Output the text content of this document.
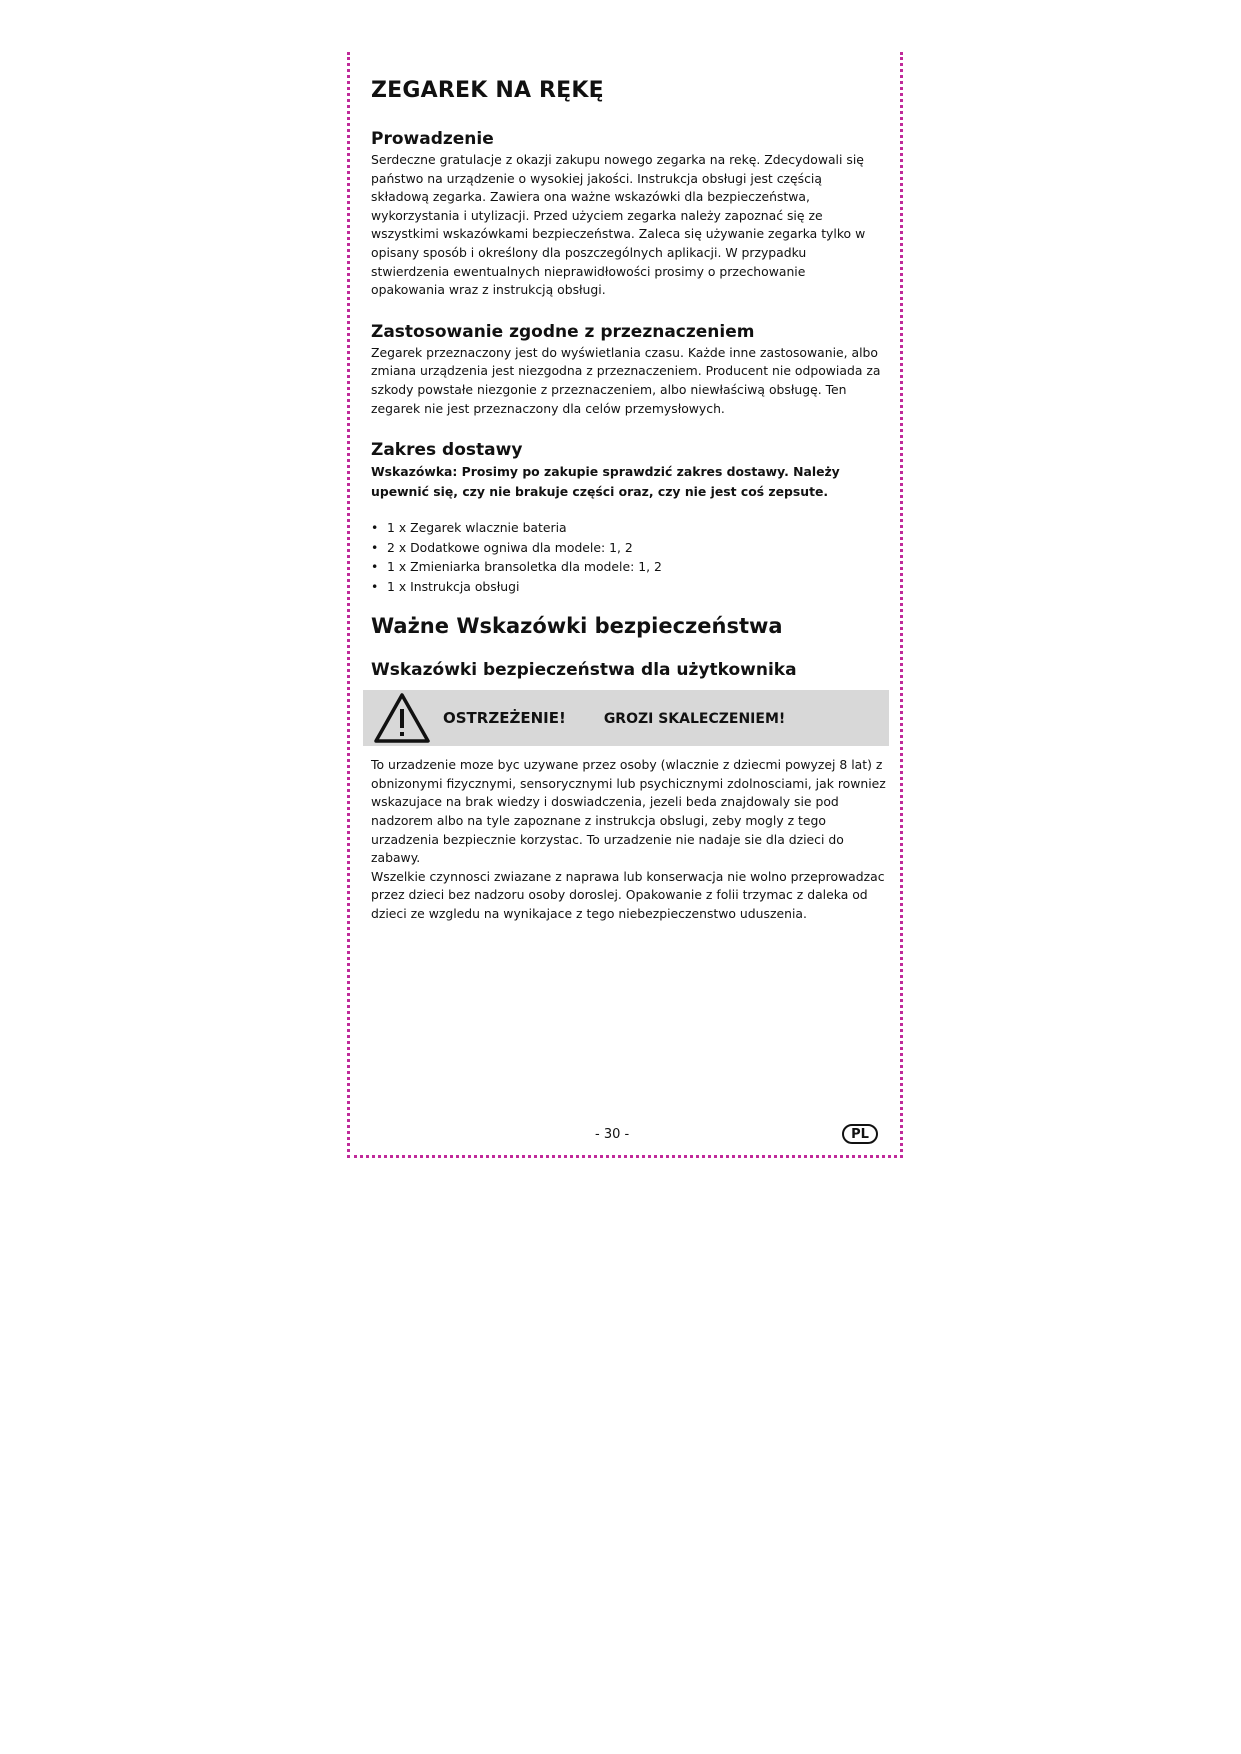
ZEGAREK NA RĘKĘ
Prowadzenie

Serdeczne gratulacje z okazji zakupu nowego zegarka na rekę. Zdecydowali się państwo na urządzenie o wysokiej jakości. Instrukcja obsługi jest częścią składową zegarka. Zawiera ona ważne wskazówki dla bezpieczeństwa, wykorzystania i utylizacji. Przed użyciem zegarka należy zapoznać się ze wszystkimi wskazówkami bezpieczeństwa. Zaleca się używanie zegarka tylko w opisany sposób i określony dla poszczególnych aplikacji. W przypadku stwierdzenia ewentualnych nieprawidłowości prosimy o przechowanie opakowania wraz z instrukcją obsługi.

Zastosowanie zgodne z przeznaczeniem

Zegarek przeznaczony jest do wyświetlania czasu. Każde inne zastosowanie, albo zmiana urządzenia jest niezgodna z przeznaczeniem. Producent nie odpowiada za szkody powstałe niezgonie z przeznaczeniem, albo niewłaściwą obsługę. Ten zegarek nie jest przeznaczony dla celów przemysłowych.

Zakres dostawy

Wskazówka: Prosimy po zakupie sprawdzić zakres dostawy. Należy upewnić się, czy nie brakuje części oraz, czy nie jest coś zepsute.

• 1 x Zegarek wlacznie bateria
• 2 x Dodatkowe ogniwa dla modele: 1, 2
• 1 x Zmieniarka bransoletka dla modele: 1, 2
• 1 x Instrukcja obsługi
Ważne Wskazówki bezpieczeństwa
Wskazówki bezpieczeństwa dla użytkownika
OSTRZEŻENIE!	GROZI SKALECZENIEM!

To urzadzenie moze byc uzywane przez osoby (wlacznie z dziecmi powyzej 8 lat) z obnizonymi fizycznymi, sensorycznymi lub psychicznymi zdolnosciami, jak rowniez wskazujace na brak wiedzy i doswiadczenia, jezeli beda znajdowaly sie pod nadzorem albo na tyle zapoznane z instrukcja obslugi, zeby mogly z tego urzadzenia bezpiecznie korzystac. To urzadzenie nie nadaje sie dla dzieci do zabawy.

Wszelkie czynnosci zwiazane z naprawa lub konserwacja nie wolno przeprowadzac przez dzieci bez nadzoru osoby doroslej. Opakowanie z folii trzymac z daleka od dzieci ze wzgledu na wynikajace z tego niebezpieczenstwo uduszenia.

- 30 -	PL
